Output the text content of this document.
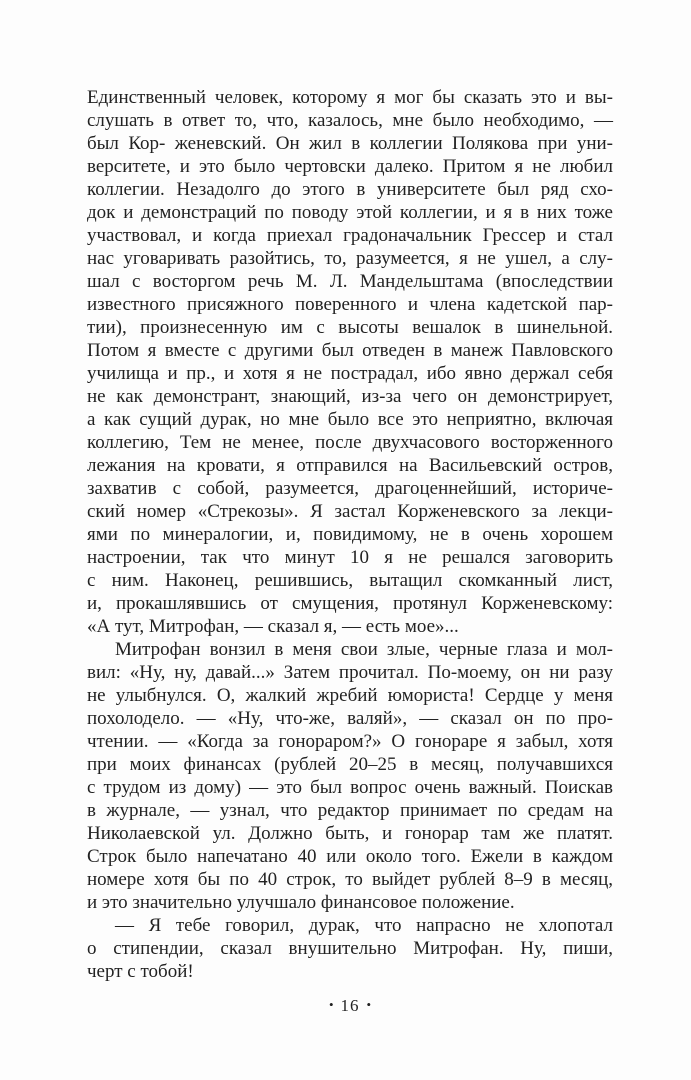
Единственный человек, которому я мог бы сказать это и вы-
слушать в ответ то, что, казалось, мне было необходимо, —
был Кор- женевский. Он жил в коллегии Полякова при уни-
верситете, и это было чертовски далеко. Притом я не любил
коллегии. Незадолго до этого в университете был ряд схо-
док и демонстраций по поводу этой коллегии, и я в них тоже
участвовал, и когда приехал градоначальник Грессер и стал
нас уговаривать разойтись, то, разумеется, я не ушел, а слу-
шал с восторгом речь М. Л. Мандельштама (впоследствии
известного присяжного поверенного и члена кадетской пар-
тии), произнесенную им с высоты вешалок в шинельной.
Потом я вместе с другими был отведен в манеж Павловского
училища и пр., и хотя я не пострадал, ибо явно держал себя
не как демонстрант, знающий, из-за чего он демонстрирует,
а как сущий дурак, но мне было все это неприятно, включая
коллегию, Тем не менее, после двухчасового восторженного
лежания на кровати, я отправился на Васильевский остров,
захватив с собой, разумеется, драгоценнейший, историче-
ский номер «Стрекозы». Я застал Корженевского за лекци-
ями по минералогии, и, повидимому, не в очень хорошем
настроении, так что минут 10 я не решался заговорить
с ним. Наконец, решившись, вытащил скомканный лист,
и, прокашлявшись от смущения, протянул Корженевскому:
«А тут, Митрофан, — сказал я, — есть мое»...
Митрофан вонзил в меня свои злые, черные глаза и мол-
вил: «Ну, ну, давай...» Затем прочитал. По-моему, он ни разу
не улыбнулся. О, жалкий жребий юмориста! Сердце у меня
похолодело. — «Ну, что-же, валяй», — сказал он по про-
чтении. — «Когда за гонораром?» О гонораре я забыл, хотя
при моих финансах (рублей 20–25 в месяц, получавшихся
с трудом из дому) — это был вопрос очень важный. Поискав
в журнале, — узнал, что редактор принимает по средам на
Николаевской ул. Должно быть, и гонорар там же платят.
Строк было напечатано 40 или около того. Ежели в каждом
номере хотя бы по 40 строк, то выйдет рублей 8–9 в месяц,
и это значительно улучшало финансовое положение.
— Я тебе говорил, дурак, что напрасно не хлопотал
о стипендии, сказал внушительно Митрофан. Ну, пиши,
черт с тобой!
• 16 •
